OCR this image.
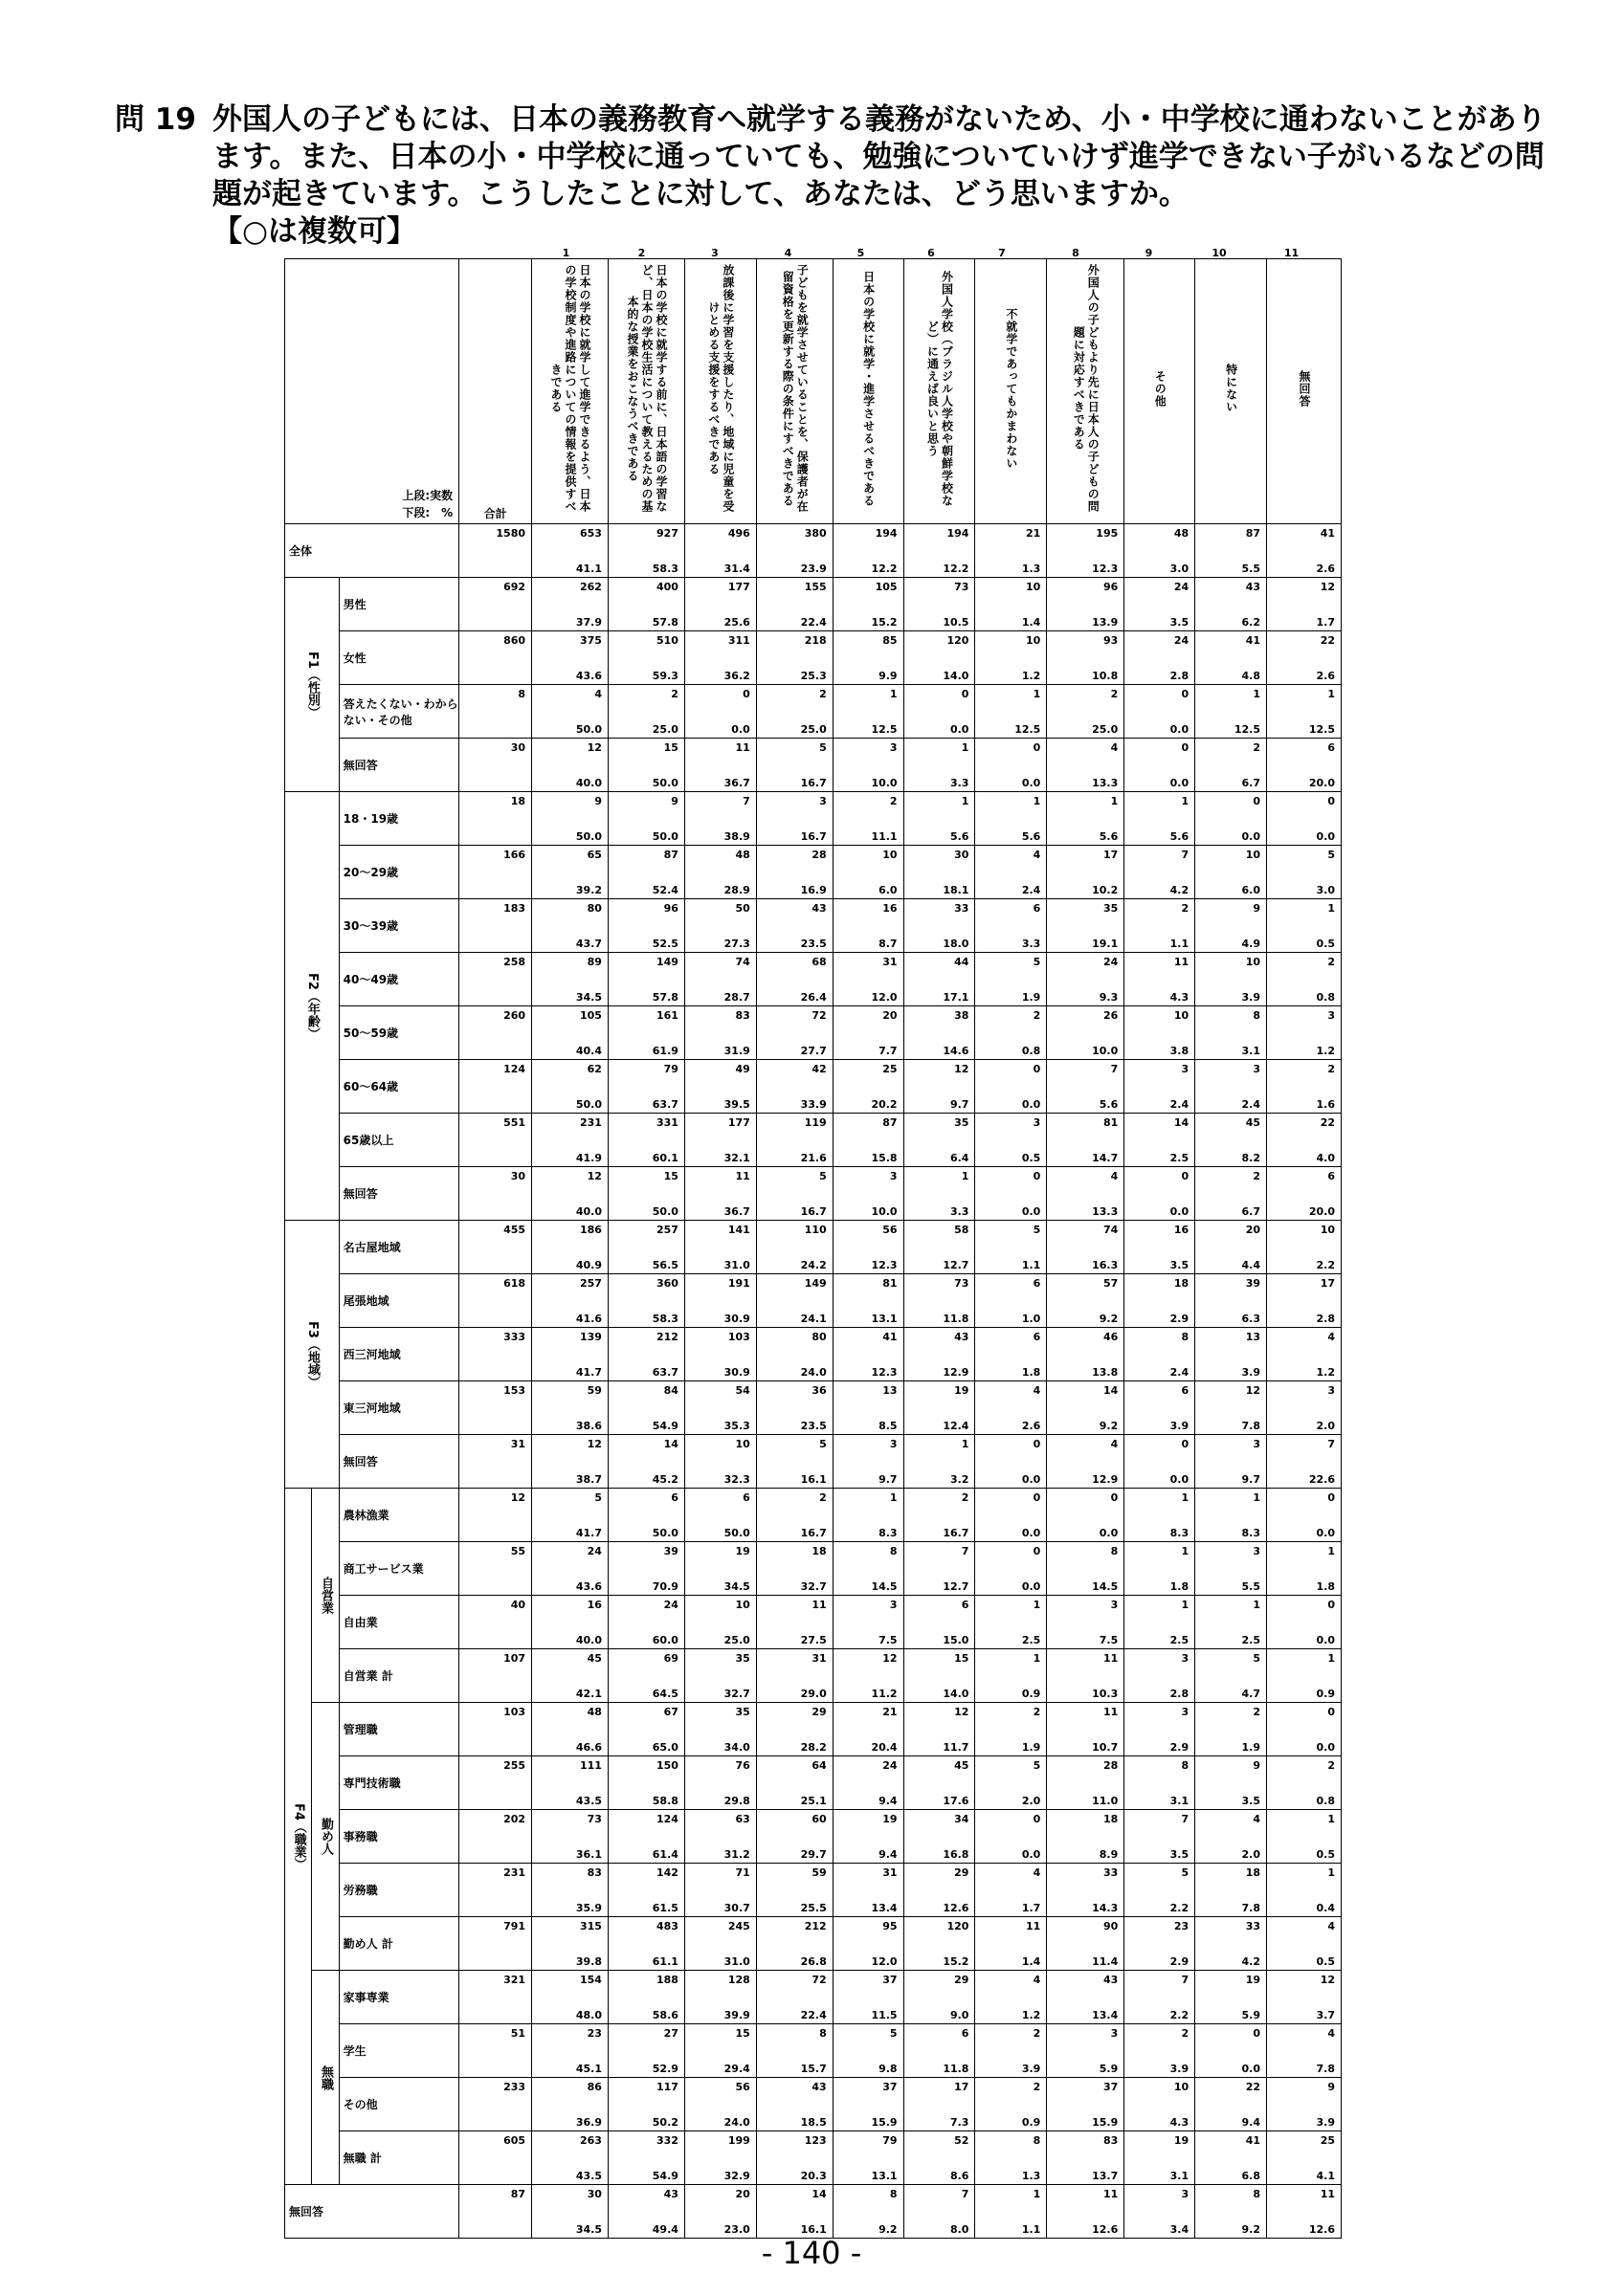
問 19 外国人の子どもには、日本の義務教育へ就学する義務がないため、小・中学校に通わないことがあります。また、日本の小・中学校に通っていても、勉強についていけず進学できない子がいるなどの問題が起きています。こうしたことに対して、あなたは、どう思いますか。
【○は複数可】
1	2	3	4	5	6	7	8	9	10	11
上段:実数
下段:　%			合計	日本の学校に就学して進学できるよう、日本の学校制度や進路についての情報を提供すべきである	日本の学校に就学する前に、日本語の学習など、日本の学校生活について教えるための基本的な授業をおこなうべきである	放課後に学習を支援したり、地域に児童を受けとめる支援をするべきである	子どもを就学させていることを、保護者が在留資格を更新する際の条件にすべきである	日本の学校に就学・進学させるべきである	外国人学校（ブラジル人学校や朝鮮学校など）に通えば良いと思う	不就学であってもかまわない	外国人の子どもより先に日本人の子どもの問題に対応すべきである	その他	特にない	無回答

全体			1580	653	927	496	380	194	194	21	195	48	87	41
				41.1	58.3	31.4	23.9	12.2	12.2	1.3	12.3	3.0	5.5	2.6

F1（性別）		男性	692	262	400	177	155	105	73	10	96	24	43	12
				37.9	57.8	25.6	22.4	15.2	10.5	1.4	13.9	3.5	6.2	1.7
		女性	860	375	510	311	218	85	120	10	93	24	41	22
				43.6	59.3	36.2	25.3	9.9	14.0	1.2	10.8	2.8	4.8	2.6
		答えたくない・わからない・その他	8	4	2	0	2	1	0	1	2	0	1	1
				50.0	25.0	0.0	25.0	12.5	0.0	12.5	25.0	0.0	12.5	12.5
		無回答	30	12	15	11	5	3	1	0	4	0	2	6
				40.0	50.0	36.7	16.7	10.0	3.3	0.0	13.3	0.0	6.7	20.0

F2（年齢）		18・19歳	18	9	9	7	3	2	1	1	1	1	0	0
				50.0	50.0	38.9	16.7	11.1	5.6	5.6	5.6	5.6	0.0	0.0
		20～29歳	166	65	87	48	28	10	30	4	17	7	10	5
				39.2	52.4	28.9	16.9	6.0	18.1	2.4	10.2	4.2	6.0	3.0
		30～39歳	183	80	96	50	43	16	33	6	35	2	9	1
				43.7	52.5	27.3	23.5	8.7	18.0	3.3	19.1	1.1	4.9	0.5
		40～49歳	258	89	149	74	68	31	44	5	24	11	10	2
				34.5	57.8	28.7	26.4	12.0	17.1	1.9	9.3	4.3	3.9	0.8
		50～59歳	260	105	161	83	72	20	38	2	26	10	8	3
				40.4	61.9	31.9	27.7	7.7	14.6	0.8	10.0	3.8	3.1	1.2
		60～64歳	124	62	79	49	42	25	12	0	7	3	3	2
				50.0	63.7	39.5	33.9	20.2	9.7	0.0	5.6	2.4	2.4	1.6
		65歳以上	551	231	331	177	119	87	35	3	81	14	45	22
				41.9	60.1	32.1	21.6	15.8	6.4	0.5	14.7	2.5	8.2	4.0
		無回答	30	12	15	11	5	3	1	0	4	0	2	6
				40.0	50.0	36.7	16.7	10.0	3.3	0.0	13.3	0.0	6.7	20.0

F3（地域）		名古屋地域	455	186	257	141	110	56	58	5	74	16	20	10
				40.9	56.5	31.0	24.2	12.3	12.7	1.1	16.3	3.5	4.4	2.2
		尾張地域	618	257	360	191	149	81	73	6	57	18	39	17
				41.6	58.3	30.9	24.1	13.1	11.8	1.0	9.2	2.9	6.3	2.8
		西三河地域	333	139	212	103	80	41	43	6	46	8	13	4
				41.7	63.7	30.9	24.0	12.3	12.9	1.8	13.8	2.4	3.9	1.2
		東三河地域	153	59	84	54	36	13	19	4	14	6	12	3
				38.6	54.9	35.3	23.5	8.5	12.4	2.6	9.2	3.9	7.8	2.0
		無回答	31	12	14	10	5	3	1	0	4	0	3	7
				38.7	45.2	32.3	16.1	9.7	3.2	0.0	12.9	0.0	9.7	22.6

F4（職業）	自営業	農林漁業	12	5	6	6	2	1	2	0	0	1	1	0
				41.7	50.0	50.0	16.7	8.3	16.7	0.0	0.0	8.3	8.3	0.0
		商工サービス業	55	24	39	19	18	8	7	0	8	1	3	1
				43.6	70.9	34.5	32.7	14.5	12.7	0.0	14.5	1.8	5.5	1.8
		自由業	40	16	24	10	11	3	6	1	3	1	1	0
				40.0	60.0	25.0	27.5	7.5	15.0	2.5	7.5	2.5	2.5	0.0
		自営業 計	107	45	69	35	31	12	15	1	11	3	5	1
				42.1	64.5	32.7	29.0	11.2	14.0	0.9	10.3	2.8	4.7	0.9

	勤め人	管理職	103	48	67	35	29	21	12	2	11	3	2	0
				46.6	65.0	34.0	28.2	20.4	11.7	1.9	10.7	2.9	1.9	0.0
		専門技術職	255	111	150	76	64	24	45	5	28	8	9	2
				43.5	58.8	29.8	25.1	9.4	17.6	2.0	11.0	3.1	3.5	0.8
		事務職	202	73	124	63	60	19	34	0	18	7	4	1
				36.1	61.4	31.2	29.7	9.4	16.8	0.0	8.9	3.5	2.0	0.5
		労務職	231	83	142	71	59	31	29	4	33	5	18	1
				35.9	61.5	30.7	25.5	13.4	12.6	1.7	14.3	2.2	7.8	0.4
		勤め人 計	791	315	483	245	212	95	120	11	90	23	33	4
				39.8	61.1	31.0	26.8	12.0	15.2	1.4	11.4	2.9	4.2	0.5

	無職	家事専業	321	154	188	128	72	37	29	4	43	7	19	12
				48.0	58.6	39.9	22.4	11.5	9.0	1.2	13.4	2.2	5.9	3.7
		学生	51	23	27	15	8	5	6	2	3	2	0	4
				45.1	52.9	29.4	15.7	9.8	11.8	3.9	5.9	3.9	0.0	7.8
		その他	233	86	117	56	43	37	17	2	37	10	22	9
				36.9	50.2	24.0	18.5	15.9	7.3	0.9	15.9	4.3	9.4	3.9
		無職 計	605	263	332	199	123	79	52	8	83	19	41	25
				43.5	54.9	32.9	20.3	13.1	8.6	1.3	13.7	3.1	6.8	4.1
無回答			87	30	43	20	14	8	7	1	11	3	8	11
				34.5	49.4	23.0	16.1	9.2	8.0	1.1	12.6	3.4	9.2	12.6
- 140 -
